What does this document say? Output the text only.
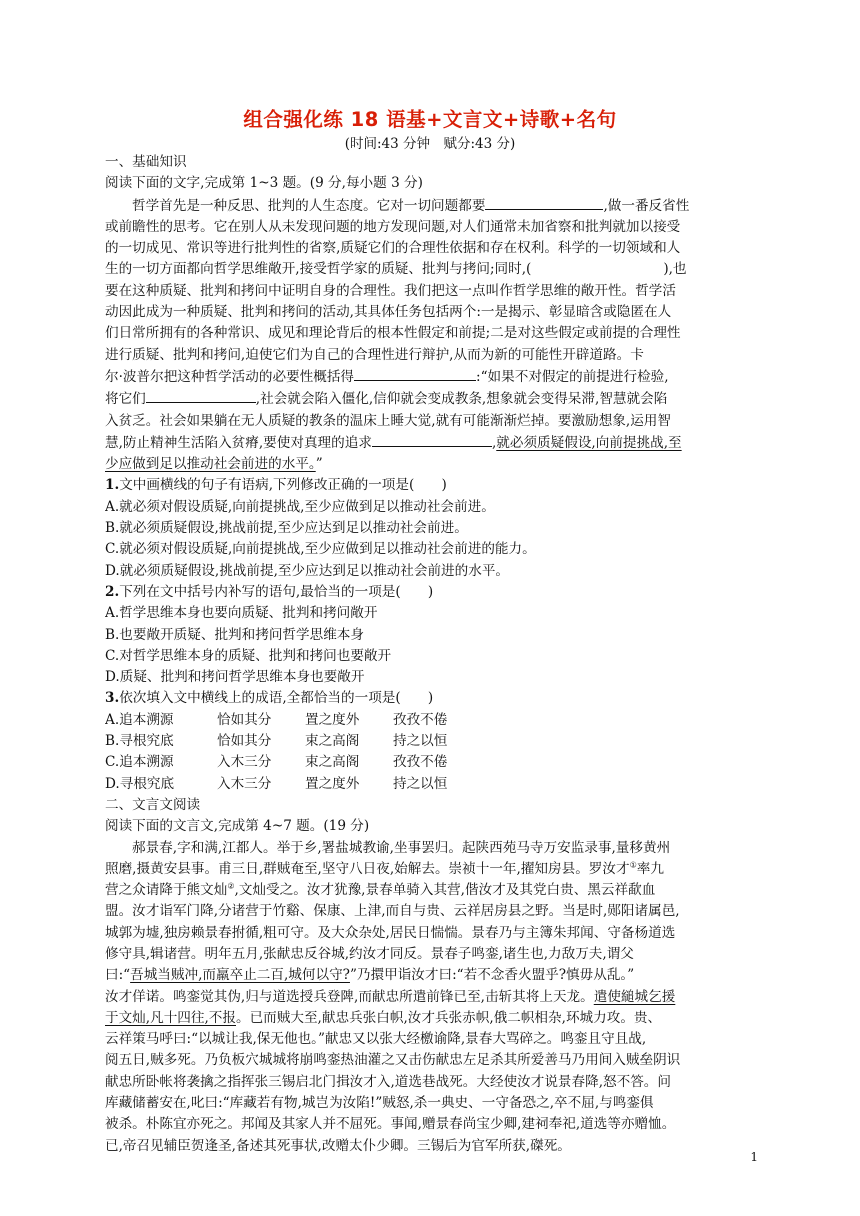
组合强化练 18 语基+文言文+诗歌+名句
(时间:43 分钟　赋分:43 分)

一、基础知识

阅读下面的文字,完成第 1~3 题。(9 分,每小题 3 分)

哲学首先是一种反思、批判的人生态度。它对一切问题都要	,做一番反省性

或前瞻性的思考。它在别人从未发现问题的地方发现问题,对人们通常未加省察和批判就加以接受

的一切成见、常识等进行批判性的省察,质疑它们的合理性依据和存在权利。科学的一切领域和人

生的一切方面都向哲学思维敞开,接受哲学家的质疑、批判与拷问;同时,(	),也

要在这种质疑、批判和拷问中证明自身的合理性。我们把这一点叫作哲学思维的敞开性。哲学活

动因此成为一种质疑、批判和拷问的活动,其具体任务包括两个:一是揭示、彰显暗含或隐匿在人

们日常所拥有的各种常识、成见和理论背后的根本性假定和前提;二是对这些假定或前提的合理性

进行质疑、批判和拷问,迫使它们为自己的合理性进行辩护,从而为新的可能性开辟道路。卡

尔·波普尔把这种哲学活动的必要性概括得	:“如果不对假定的前提进行检验,

将它们	,社会就会陷入僵化,信仰就会变成教条,想象就会变得呆滞,智慧就会陷

入贫乏。社会如果躺在无人质疑的教条的温床上睡大觉,就有可能渐渐烂掉。要激励想象,运用智

慧,防止精神生活陷入贫瘠,要使对真理的追求	,就必须质疑假设,向前提挑战,至

少应做到足以推动社会前进的水平。”

1.文中画横线的句子有语病,下列修改正确的一项是(　　)

A.就必须对假设质疑,向前提挑战,至少应做到足以推动社会前进。

B.就必须质疑假设,挑战前提,至少应达到足以推动社会前进。

C.就必须对假设质疑,向前提挑战,至少应做到足以推动社会前进的能力。

D.就必须质疑假设,挑战前提,至少应达到足以推动社会前进的水平。

2.下列在文中括号内补写的语句,最恰当的一项是(　　)

A.哲学思维本身也要向质疑、批判和拷问敞开

B.也要敞开质疑、批判和拷问哲学思维本身

C.对哲学思维本身的质疑、批判和拷问也要敞开

D.质疑、批判和拷问哲学思维本身也要敞开

3.依次填入文中横线上的成语,全都恰当的一项是(　　)

A.追本溯源	恰如其分 置之度外 孜孜不倦

B.寻根究底	恰如其分 束之高阁 持之以恒

C.追本溯源	入木三分 束之高阁 孜孜不倦

D.寻根究底	入木三分 置之度外 持之以恒

二、文言文阅读

阅读下面的文言文,完成第 4~7 题。(19 分)

郝景春,字和满,江都人。举于乡,署盐城教谕,坐事罢归。起陕西苑马寺万安监录事,量移黄州

照磨,摄黄安县事。甫三日,群贼奄至,坚守八日夜,始解去。崇祯十一年,擢知房县。罗汝才①率九

营之众请降于熊文灿②,文灿受之。汝才犹豫,景春单骑入其营,偕汝才及其党白贵、黑云祥歃血

盟。汝才诣军门降,分诸营于竹谿、保康、上津,而自与贵、云祥居房县之野。当是时,郧阳诸属邑,

城郭为墟,独房赖景春拊循,粗可守。及大众杂处,居民日惴惴。景春乃与主簿朱邦闻、守备杨道选

修守具,辑诸营。明年五月,张献忠反谷城,约汝才同反。景春子鸣銮,诸生也,力敌万夫,谓父

曰:“吾城当贼冲,而羸卒止二百,城何以守?”乃擐甲诣汝才曰:“若不念香火盟乎?慎毋从乱。”

汝才佯诺。鸣銮觉其伪,归与道选授兵登陴,而献忠所遣前锋已至,击斩其将上天龙。遣使縋城乞援

于文灿,凡十四往,不报。已而贼大至,献忠兵张白帜,汝才兵张赤帜,俄二帜相杂,环城力攻。贵、

云祥策马呼曰:“以城让我,保无他也。”献忠又以张大经檄谕降,景春大骂碎之。鸣銮且守且战,

阅五日,贼多死。乃负板穴城城将崩鸣銮热油灌之又击伤献忠左足杀其所爱善马乃用间入贼垒阴识

献忠所卧帐将袭擒之指挥张三锡启北门揖汝才入,道选巷战死。大经使汝才说景春降,怒不答。问

库藏储蓄安在,叱曰:“库藏若有物,城岂为汝陷!”贼怒,杀一典史、一守备恐之,卒不屈,与鸣銮俱

被杀。朴陈宜亦死之。邦闻及其家人并不屈死。事闻,赠景春尚宝少卿,建祠奉祀,道选等亦赠恤。

已,帝召见辅臣贺逢圣,备述其死事状,改赠太仆少卿。三锡后为官军所获,磔死。

1
